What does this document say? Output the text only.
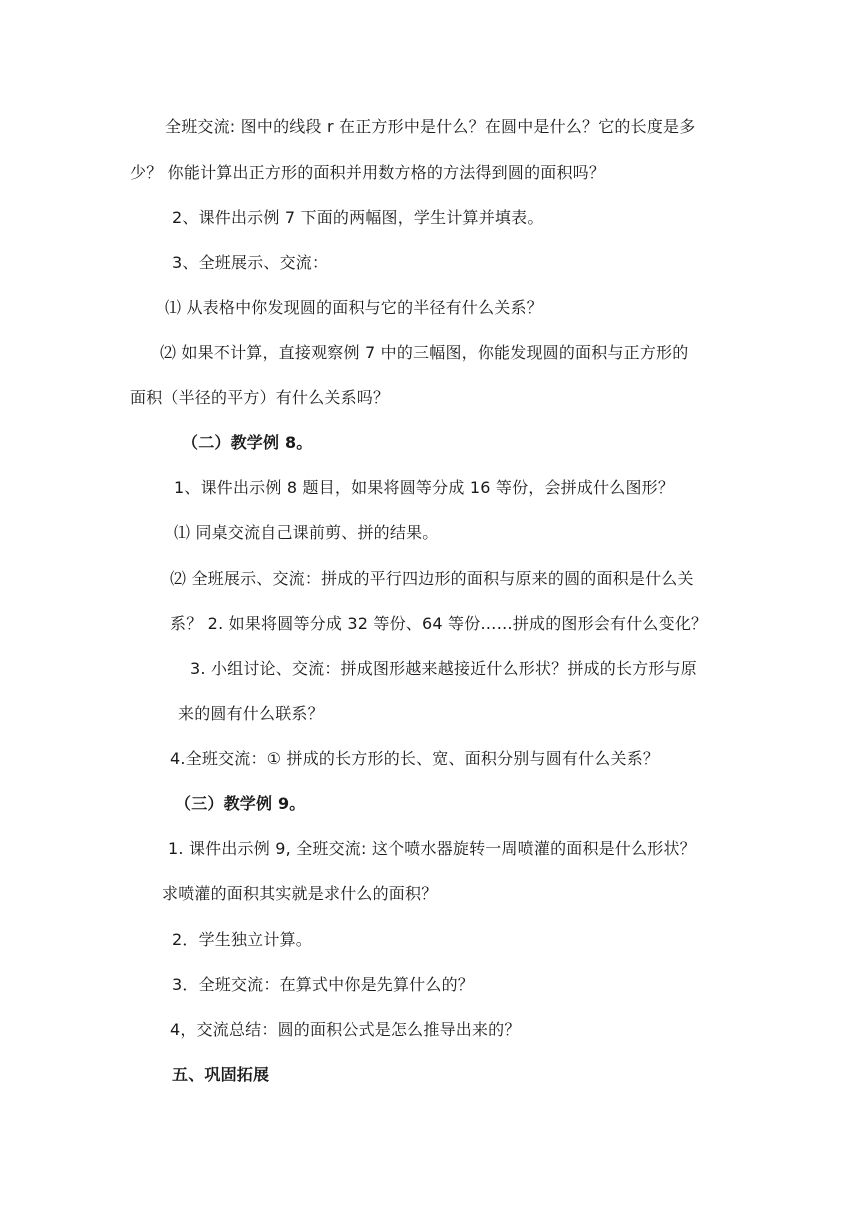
全班交流: 图中的线段 r 在正方形中是什么？在圆中是什么？它的长度是多
少？ 你能计算出正方形的面积并用数方格的方法得到圆的面积吗？
2、课件出示例 7 下面的两幅图，学生计算并填表。
3、全班展示、交流：
⑴ 从表格中你发现圆的面积与它的半径有什么关系？
⑵ 如果不计算，直接观察例 7 中的三幅图，你能发现圆的面积与正方形的
面积（半径的平方）有什么关系吗？
（二）教学例 8。
1、课件出示例 8 题目，如果将圆等分成 16 等份，会拼成什么图形？
⑴ 同桌交流自己课前剪、拼的结果。
⑵ 全班展示、交流：拼成的平行四边形的面积与原来的圆的面积是什么关
系？ 2. 如果将圆等分成 32 等份、64 等份……拼成的图形会有什么变化？
3. 小组讨论、交流：拼成图形越来越接近什么形状？拼成的长方形与原
来的圆有什么联系？
4.全班交流：① 拼成的长方形的长、宽、面积分别与圆有什么关系？
（三）教学例 9。
1. 课件出示例 9, 全班交流: 这个喷水器旋转一周喷灌的面积是什么形状？
求喷灌的面积其实就是求什么的面积？
2．学生独立计算。
3．全班交流：在算式中你是先算什么的？
4，交流总结：圆的面积公式是怎么推导出来的？
五、巩固拓展
